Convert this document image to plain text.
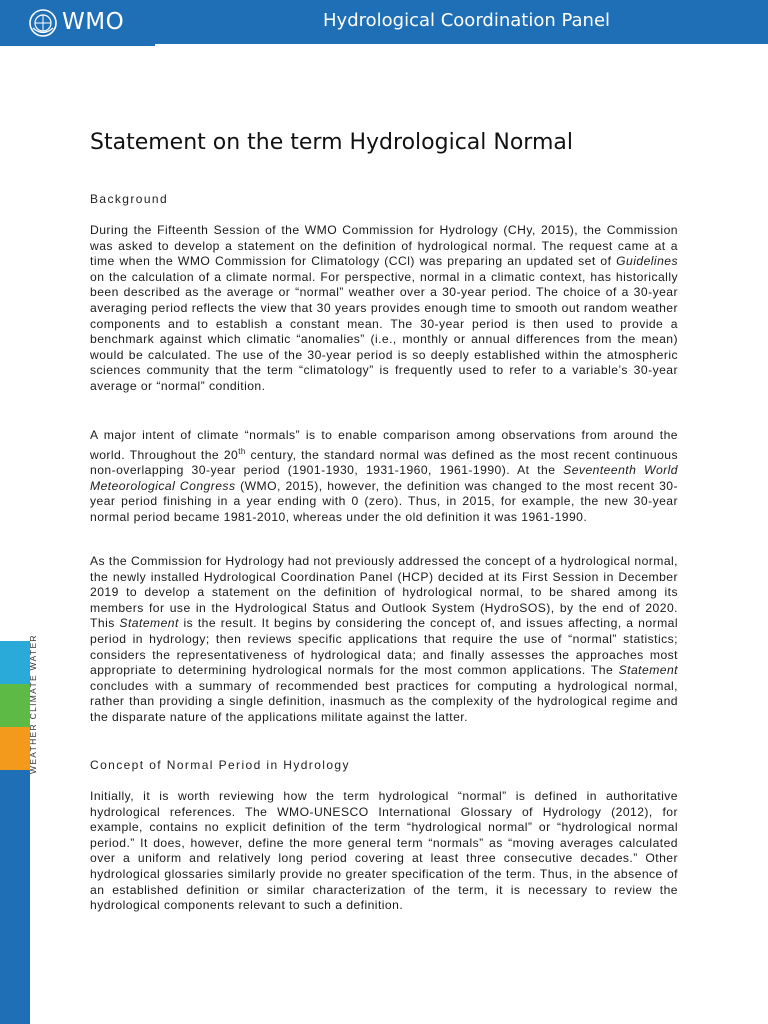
WMO	Hydrological Coordination Panel
WEATHER CLIMATE WATER
Statement on the term Hydrological Normal
Background

During the Fifteenth Session of the WMO Commission for Hydrology (CHy, 2015), the Commission was asked to develop a statement on the definition of hydrological normal. The request came at a time when the WMO Commission for Climatology (CCl) was preparing an updated set of Guidelines on the calculation of a climate normal. For perspective, normal in a climatic context, has historically been described as the average or “normal” weather over a 30-year period. The choice of a 30-year averaging period reflects the view that 30 years provides enough time to smooth out random weather components and to establish a constant mean. The 30-year period is then used to provide a benchmark against which climatic “anomalies” (i.e., monthly or annual differences from the mean) would be calculated. The use of the 30-year period is so deeply established within the atmospheric sciences community that the term “climatology” is frequently used to refer to a variable’s 30-year average or “normal” condition.

A major intent of climate “normals” is to enable comparison among observations from around the world. Throughout the 20th century, the standard normal was defined as the most recent continuous non-overlapping 30-year period (1901-1930, 1931-1960, 1961-1990). At the Seventeenth World Meteorological Congress (WMO, 2015), however, the definition was changed to the most recent 30-year period finishing in a year ending with 0 (zero). Thus, in 2015, for example, the new 30-year normal period became 1981-2010, whereas under the old definition it was 1961-1990.

As the Commission for Hydrology had not previously addressed the concept of a hydrological normal, the newly installed Hydrological Coordination Panel (HCP) decided at its First Session in December 2019 to develop a statement on the definition of hydrological normal, to be shared among its members for use in the Hydrological Status and Outlook System (HydroSOS), by the end of 2020. This Statement is the result. It begins by considering the concept of, and issues affecting, a normal period in hydrology; then reviews specific applications that require the use of “normal” statistics; considers the representativeness of hydrological data; and finally assesses the approaches most appropriate to determining hydrological normals for the most common applications. The Statement concludes with a summary of recommended best practices for computing a hydrological normal, rather than providing a single definition, inasmuch as the complexity of the hydrological regime and the disparate nature of the applications militate against the latter.

Concept of Normal Period in Hydrology

Initially, it is worth reviewing how the term hydrological “normal” is defined in authoritative hydrological references. The WMO-UNESCO International Glossary of Hydrology (2012), for example, contains no explicit definition of the term “hydrological normal” or “hydrological normal period.” It does, however, define the more general term “normals” as “moving averages calculated over a uniform and relatively long period covering at least three consecutive decades.” Other hydrological glossaries similarly provide no greater specification of the term. Thus, in the absence of an established definition or similar characterization of the term, it is necessary to review the hydrological components relevant to such a definition.
